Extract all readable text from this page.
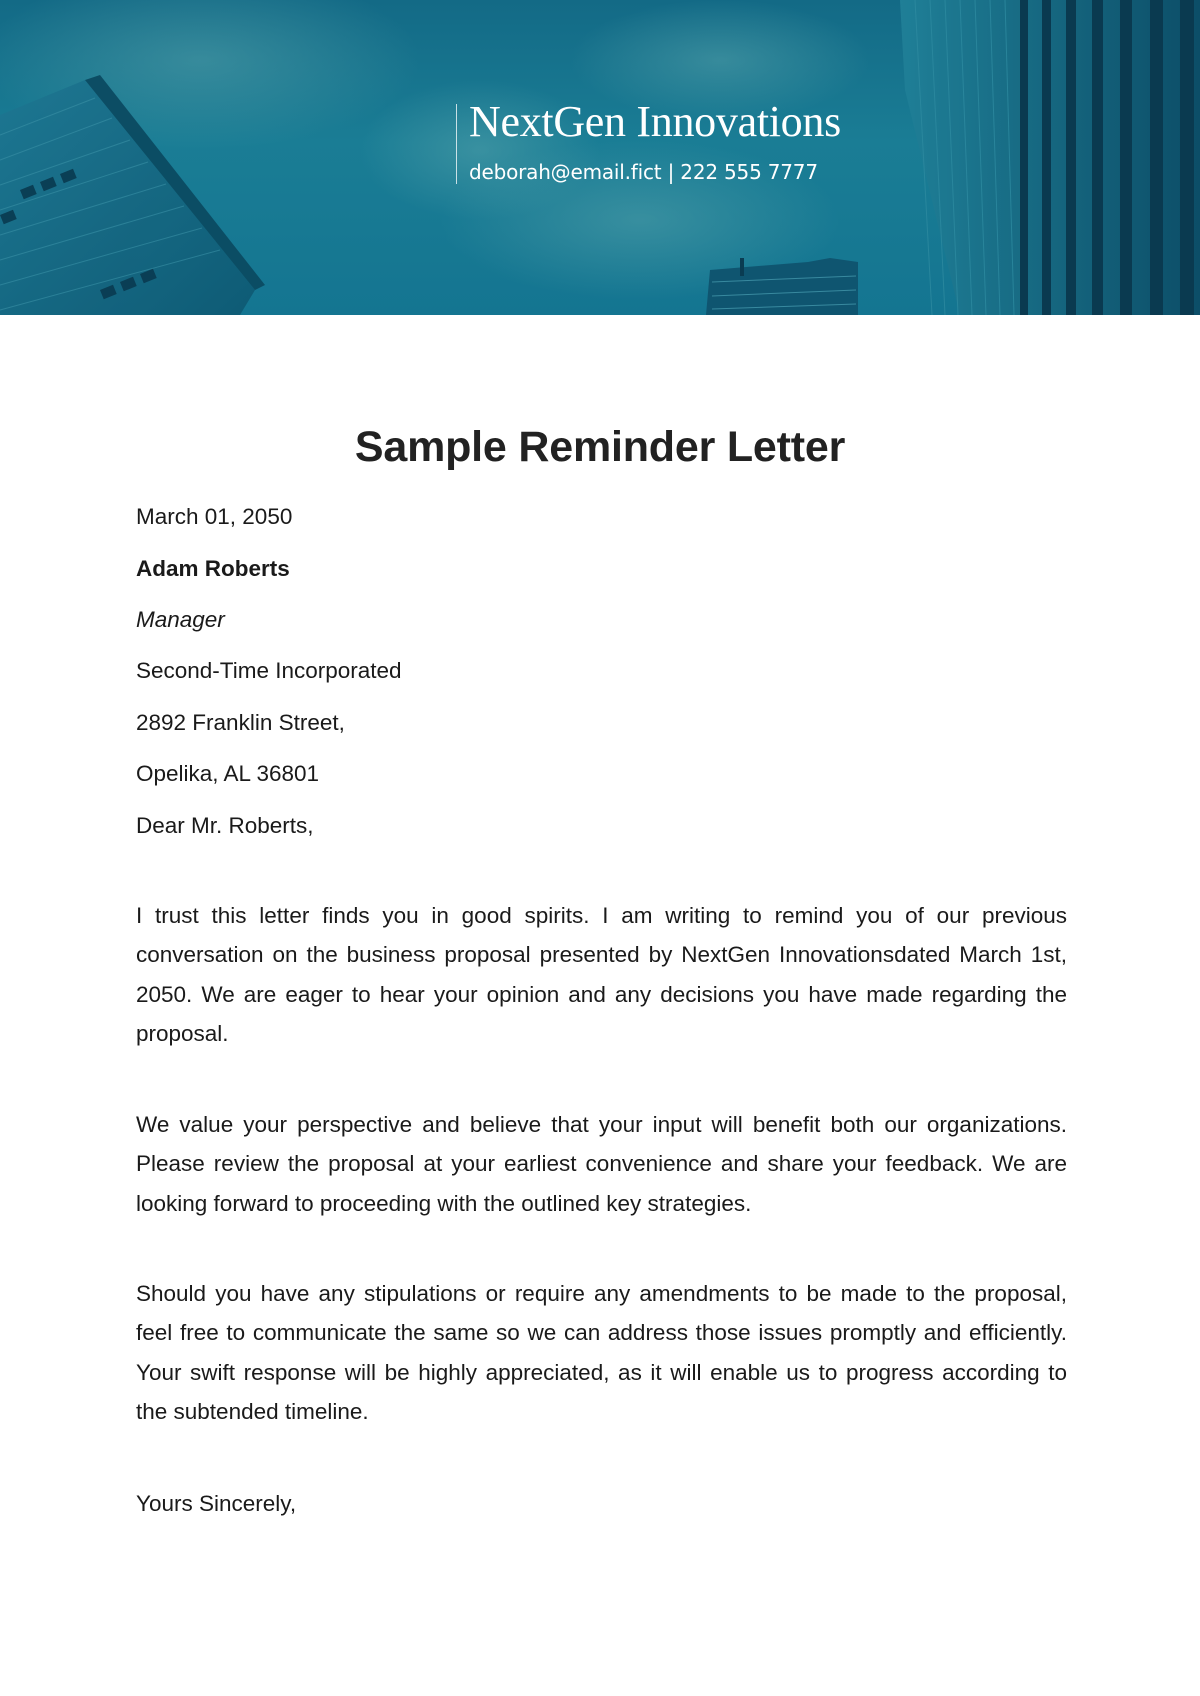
NextGen Innovations
deborah@email.fict | 222 555 7777
Sample Reminder Letter
March 01, 2050
Adam Roberts
Manager
Second-Time Incorporated
2892 Franklin Street,
Opelika, AL 36801
Dear Mr. Roberts,

I trust this letter finds you in good spirits. I am writing to remind you of our previous conversation on the business proposal presented by NextGen Innovationsdated March 1st, 2050. We are eager to hear your opinion and any decisions you have made regarding the proposal.

We value your perspective and believe that your input will benefit both our organizations. Please review the proposal at your earliest convenience and share your feedback. We are looking forward to proceeding with the outlined key strategies.

Should you have any stipulations or require any amendments to be made to the proposal, feel free to communicate the same so we can address those issues promptly and efficiently. Your swift response will be highly appreciated, as it will enable us to progress according to the subtended timeline.

Yours Sincerely,
